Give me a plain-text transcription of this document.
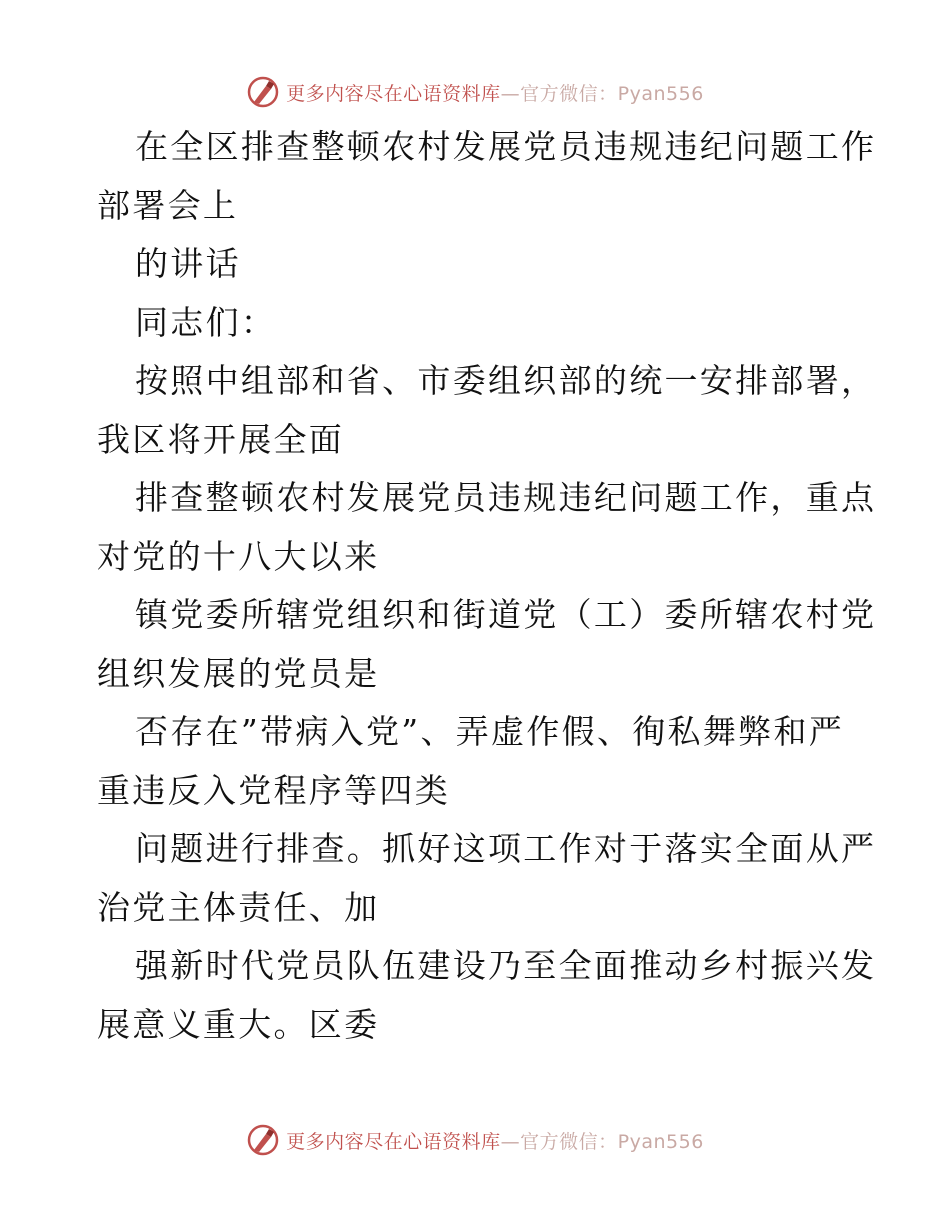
更多内容尽在心语资料库—官方微信：Pyan556
在全区排查整顿农村发展党员违规违纪问题工作
部署会上
的讲话
同志们：
按照中组部和省、市委组织部的统一安排部署，
我区将开展全面
排查整顿农村发展党员违规违纪问题工作，重点
对党的十八大以来
镇党委所辖党组织和街道党（工）委所辖农村党
组织发展的党员是
否存在”带病入党”、弄虚作假、徇私舞弊和严
重违反入党程序等四类
问题进行排查。抓好这项工作对于落实全面从严
治党主体责任、加
强新时代党员队伍建设乃至全面推动乡村振兴发
展意义重大。区委
更多内容尽在心语资料库—官方微信：Pyan556
